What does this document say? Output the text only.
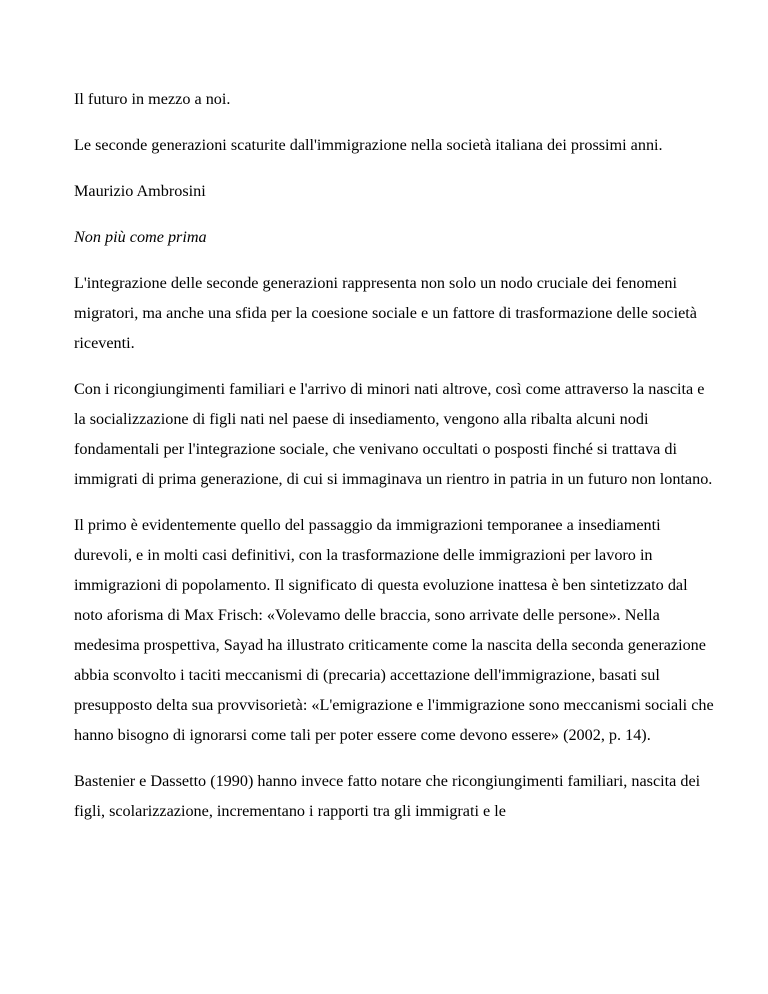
Il futuro in mezzo a noi.

Le seconde generazioni scaturite dall'immigrazione nella società italiana dei prossimi anni.

Maurizio Ambrosini

Non più come prima

L'integrazione delle seconde generazioni rappresenta non solo un nodo cruciale dei fenomeni migratori, ma anche una sfida per la coesione sociale e un fattore di trasformazione delle società riceventi.

Con i ricongiungimenti familiari e l'arrivo di minori nati altrove, così come attraverso la nascita e la socializzazione di figli nati nel paese di insediamento, vengono alla ribalta alcuni nodi fondamentali per l'integrazione sociale, che venivano occultati o posposti finché si trattava di immigrati di prima generazione, di cui si immaginava un rientro in patria in un futuro non lontano.

Il primo è evidentemente quello del passaggio da immigrazioni temporanee a insediamenti durevoli, e in molti casi definitivi, con la trasformazione delle immigrazioni per lavoro in immigrazioni di popolamento. Il significato di questa evoluzione inattesa è ben sintetizzato dal noto aforisma di Max Frisch: «Volevamo delle braccia, sono arrivate delle persone». Nella medesima prospettiva, Sayad ha illustrato criticamente come la nascita della seconda generazione abbia sconvolto i taciti meccanismi di (precaria) accettazione dell'immigrazione, basati sul presupposto delta sua provvisorietà: «L'emigrazione e l'immigrazione sono meccanismi sociali che hanno bisogno di ignorarsi come tali per poter essere come devono essere» (2002, p. 14).

Bastenier e Dassetto (1990) hanno invece fatto notare che ricongiungimenti familiari, nascita dei figli, scolarizzazione, incrementano i rapporti tra gli immigrati e le
